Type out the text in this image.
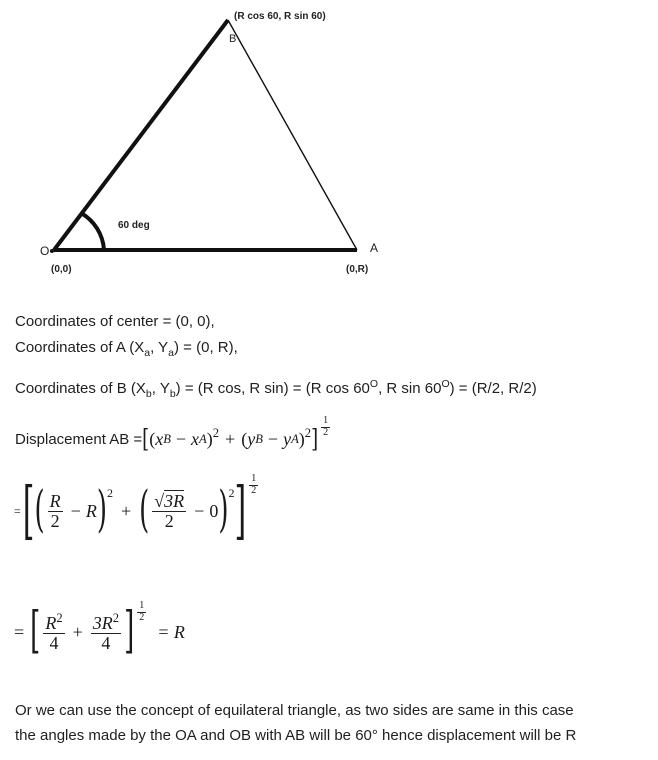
(R cos 60, R sin 60)
B
O	A
(0,0)	(0,R)
60 deg
Coordinates of center = (0, 0),
Coordinates of A ($X_a$, $Y_a) = (0$, R),
Coordinates of B ($X_b$, $Y_b) = (R$ cos, R sin) = (R $\cos 60^O$, R $\sin 60^O) = (R/2$, R/2)
Displacement AB = [ ( x B − x A )$^2$ + ( y B − y A )$^2$ ] $\frac{1}{2}$
= [ ( $\frac{R}{2} - R$ )$^2$
+ ( $\frac{√3R}{2} - 0$ )$^2$ ] $\frac{1}{2}$
= [ $\frac{R^2}{4} + \frac{3R^2}{4}$ ] $\frac{1}{2}$
= R
Or we can use the concept of equilateral triangle, as two sides are same in this case
the angles made by the OA and OB with AB will be 60° hence displacement will be R
